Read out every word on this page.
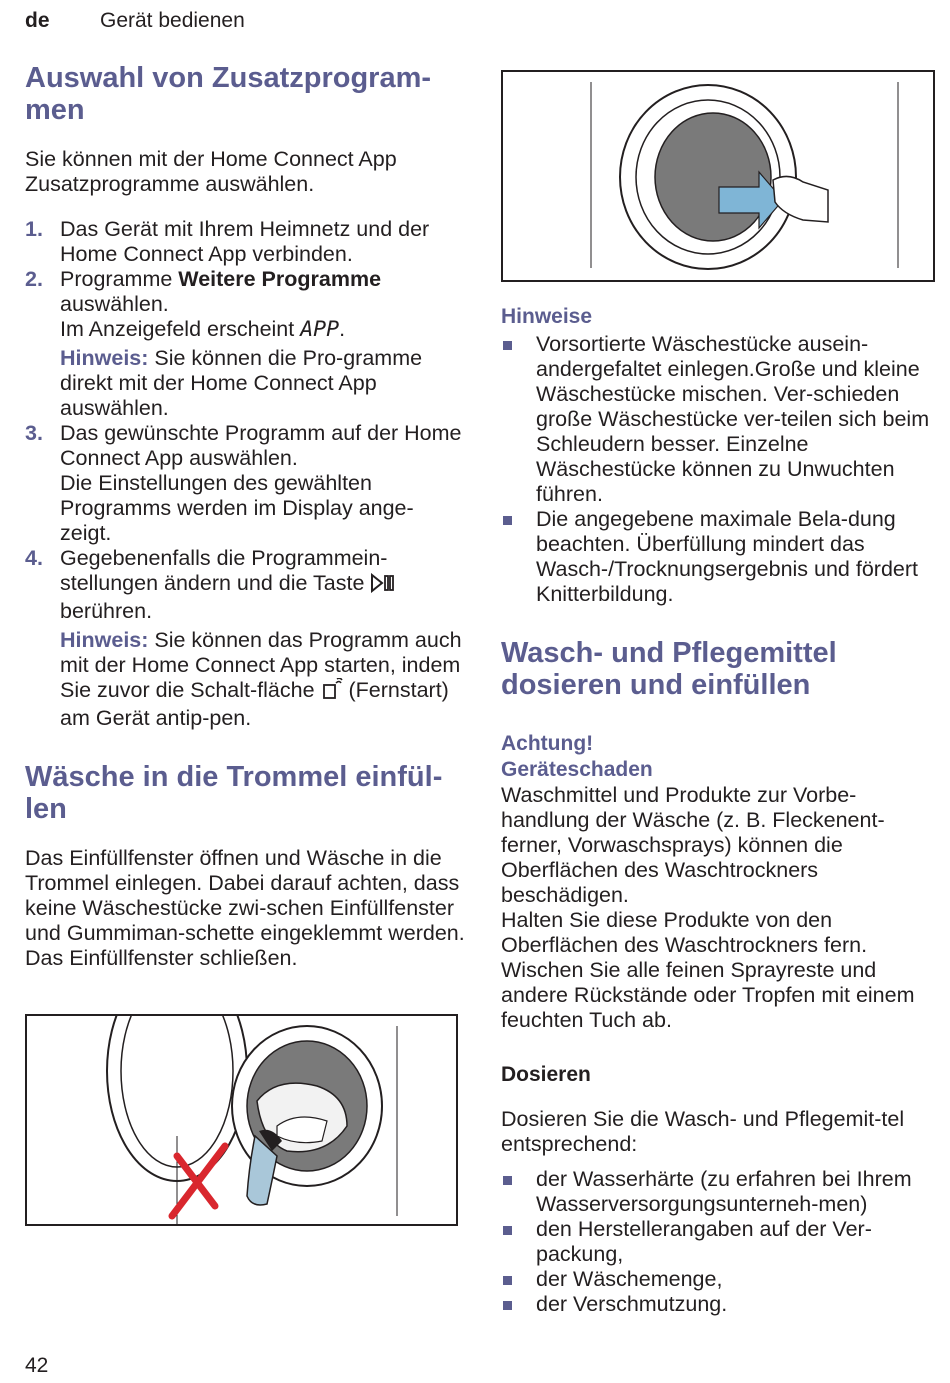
de Gerät bedienen
Auswahl von Zusatzprogram-
men

Sie können mit der Home Connect App Zusatzprogramme auswählen.

1. Das Gerät mit Ihrem Heimnetz und der Home Connect App verbinden.
2. Programme Weitere Programme auswählen.
Im Anzeigefeld erscheint APP.
Hinweis: Sie können die Pro-gramme direkt mit der Home Connect App auswählen.
3. Das gewünschte Programm auf der Home Connect App auswählen.
Die Einstellungen des gewählten Programms werden im Display ange-zeigt.
4. Gegebenenfalls die Programmein-stellungen ändern und die Taste  berühren.
Hinweis: Sie können das Programm auch mit der Home Connect App starten, indem Sie zuvor die Schalt-fläche  (Fernstart) am Gerät antip-pen.
Wäsche in die Trommel einfül-
len

Das Einfüllfenster öffnen und Wäsche in die Trommel einlegen. Dabei darauf achten, dass keine Wäschestücke zwi-schen Einfüllfenster und Gummiman-schette eingeklemmt werden. Das Einfüllfenster schließen.

Hinweise
Vorsortierte Wäschestücke ausein-andergefaltet einlegen.Große und kleine Wäschestücke mischen. Ver-schieden große Wäschestücke ver-teilen sich beim Schleudern besser. Einzelne Wäschestücke können zu Unwuchten führen.
Die angegebene maximale Bela-dung beachten. Überfüllung mindert das Wasch-/Trocknungsergebnis und fördert Knitterbildung.
Wasch- und Pflegemittel
dosieren und einfüllen
Achtung!
Geräteschaden

Waschmittel und Produkte zur Vorbe-handlung der Wäsche (z. B. Fleckenent-ferner, Vorwaschsprays) können die Oberflächen des Waschtrockners beschädigen.

Halten Sie diese Produkte von den Oberflächen des Waschtrockners fern. Wischen Sie alle feinen Sprayreste und andere Rückstände oder Tropfen mit einem feuchten Tuch ab.

Dosieren

Dosieren Sie die Wasch- und Pflegemit-tel entsprechend:

der Wasserhärte (zu erfahren bei Ihrem Wasserversorgungsunterneh-men)
den Herstellerangaben auf der Ver-packung,
der Wäschemenge,
der Verschmutzung.
42
